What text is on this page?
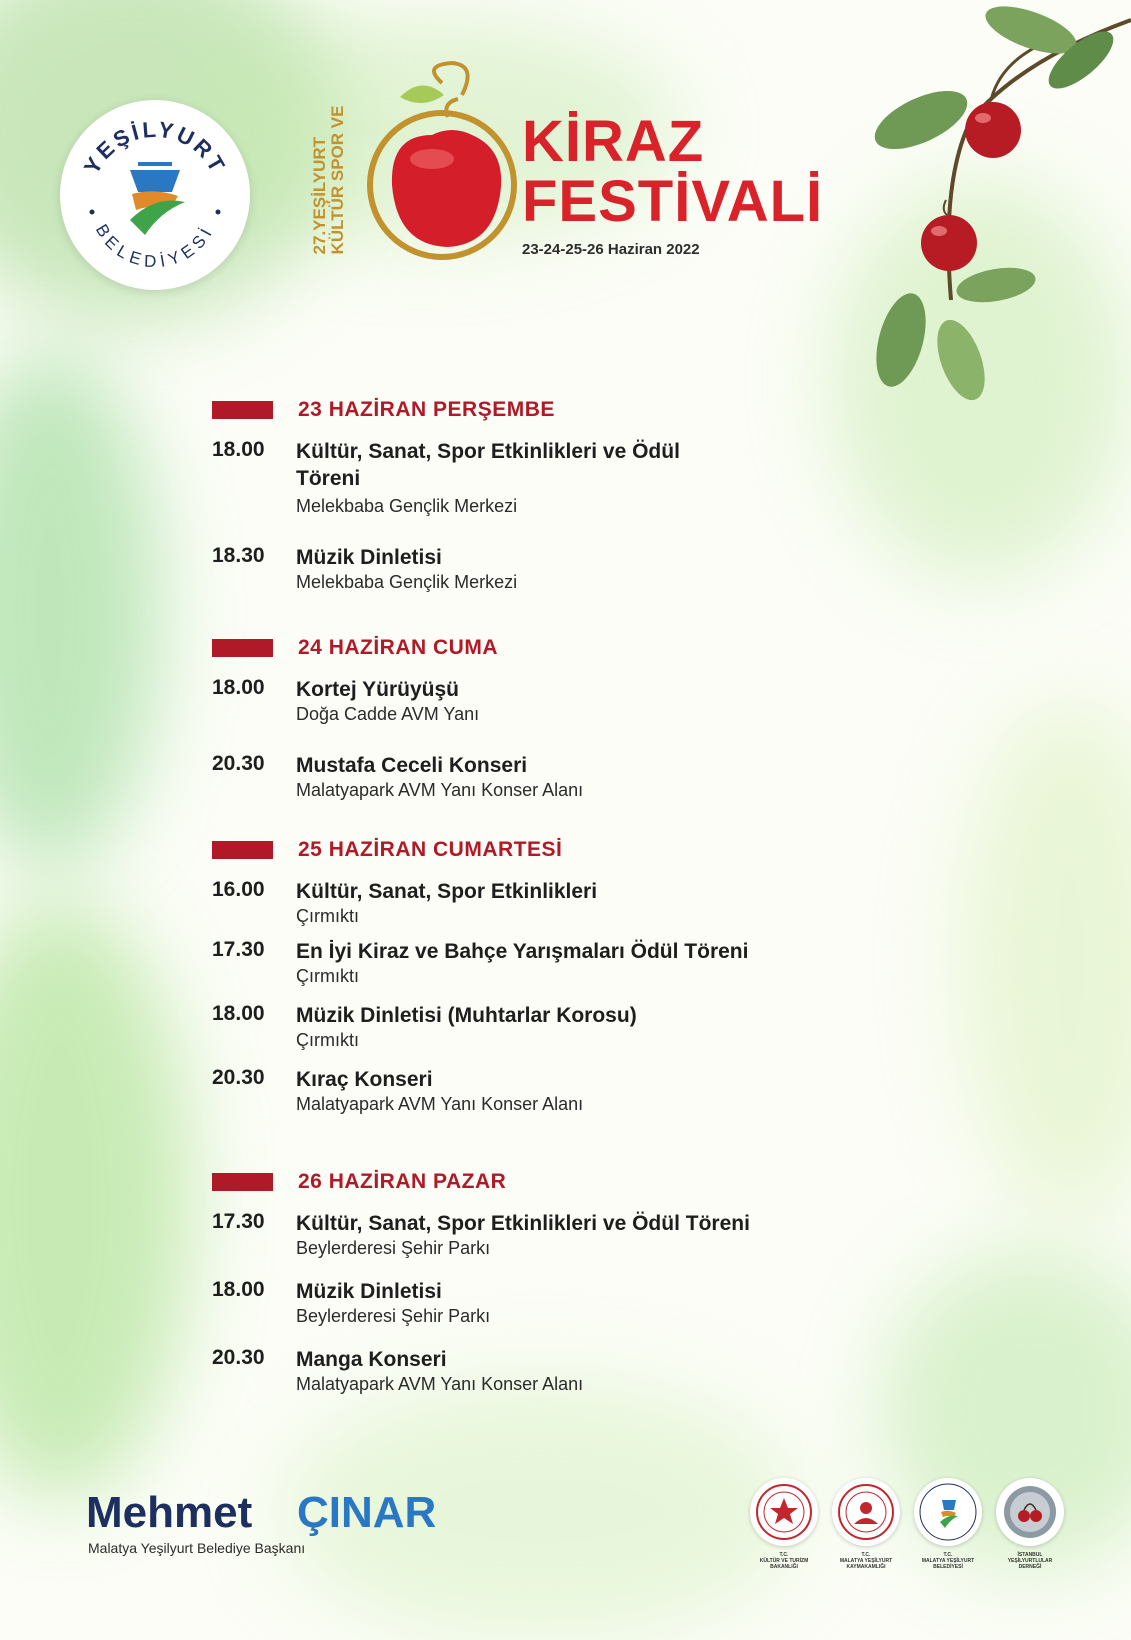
YEŞİLYURT
BELEDİYESİ	27.YEŞİLYURT KÜLTÜR SPOR VE	KİRAZ
FESTİVALİ
23-24-25-26 Haziran 2022
23 HAZİRAN PERŞEMBE
18.00 Kültür, Sanat, Spor Etkinlikleri ve Ödül Töreni
Melekbaba Gençlik Merkezi
18.30 Müzik Dinletisi
Melekbaba Gençlik Merkezi
24 HAZİRAN CUMA
18.00 Kortej Yürüyüşü
Doğa Cadde AVM Yanı
20.30 Mustafa Ceceli Konseri
Malatyapark AVM Yanı Konser Alanı
25 HAZİRAN CUMARTESİ
16.00 Kültür, Sanat, Spor Etkinlikleri
Çırmıktı
17.30 En İyi Kiraz ve Bahçe Yarışmaları Ödül Töreni
Çırmıktı
18.00 Müzik Dinletisi (Muhtarlar Korosu)
Çırmıktı
20.30 Kıraç Konseri
Malatyapark AVM Yanı Konser Alanı
26 HAZİRAN PAZAR
17.30 Kültür, Sanat, Spor Etkinlikleri ve Ödül Töreni
Beylerderesi Şehir Parkı
18.00 Müzik Dinletisi
Beylerderesi Şehir Parkı
20.30 Manga Konseri
Malatyapark AVM Yanı Konser Alanı
Mehmet ÇINAR
Malatya Yeşilyurt Belediye Başkanı	T.C.
KÜLTÜR VE TURİZM
BAKANLIĞI
T.C.
MALATYA YEŞİLYURT
KAYMAKAMLIĞI
T.C.
MALATYA YEŞİLYURT
BELEDİYESİ
İSTANBUL
YEŞİLYURTLULAR
DERNEĞİ
